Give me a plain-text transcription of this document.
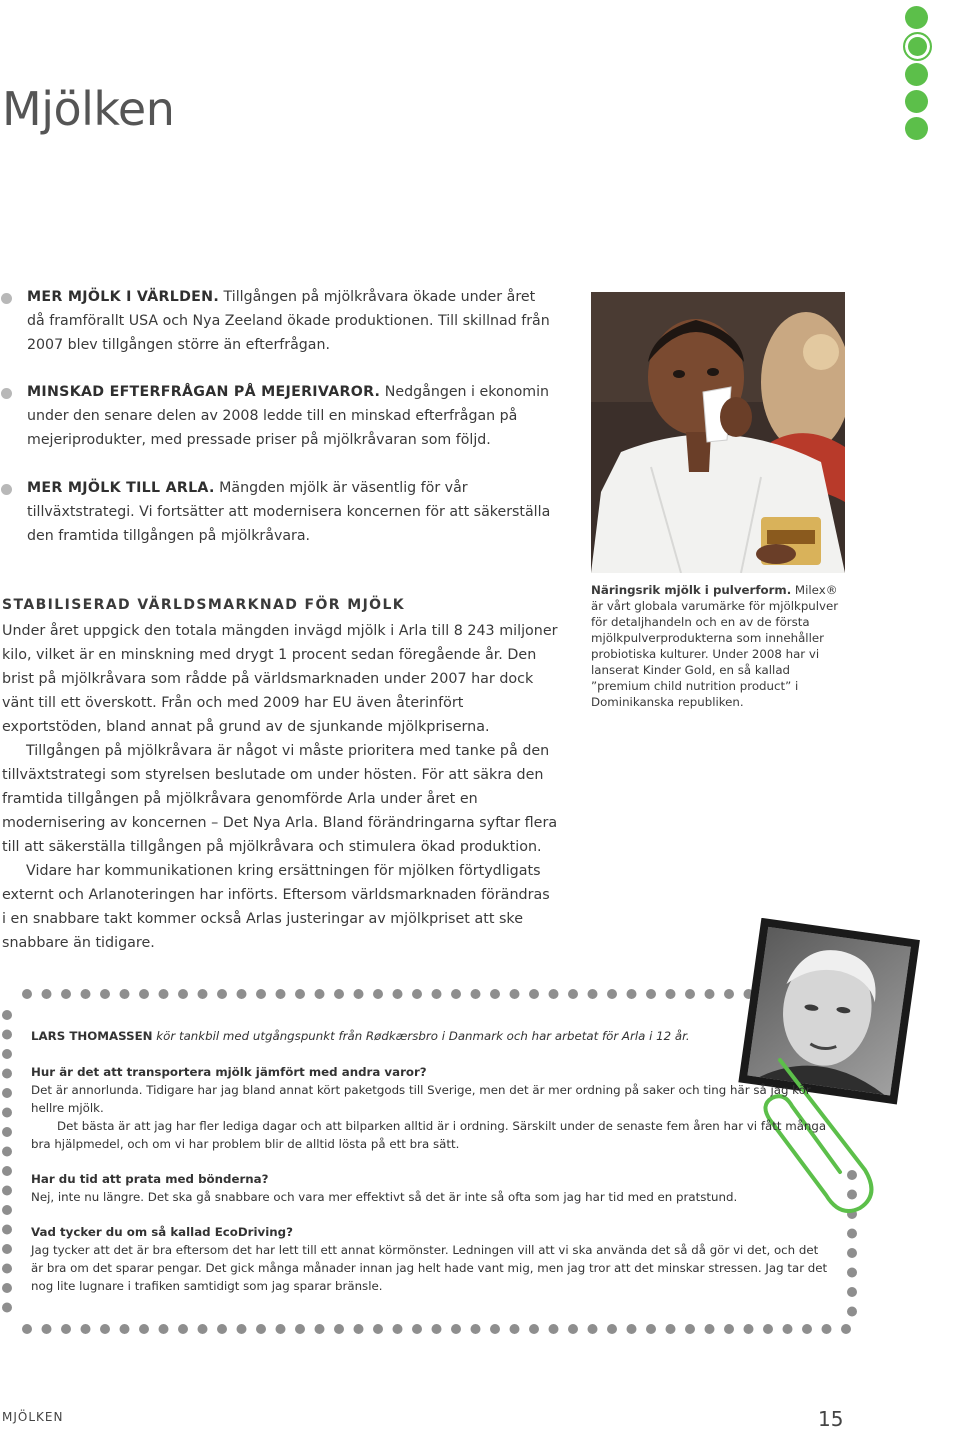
Mjölken
MER MJÖLK I VÄRLDEN. Tillgången på mjölkråvara ökade under året då framförallt USA och Nya Zeeland ökade produktionen. Till skillnad från 2007 blev tillgången större än efterfrågan.
MINSKAD EFTERFRÅGAN PÅ MEJERIVAROR. Nedgången i ekonomin under den senare delen av 2008 ledde till en minskad efterfrågan på mejeriprodukter, med pressade priser på mjölkråvaran som följd.
MER MJÖLK TILL ARLA. Mängden mjölk är väsentlig för vår tillväxtstrategi. Vi fortsätter att modernisera koncernen för att säkerställa den framtida tillgången på mjölkråvara.
STABILISERAD VÄRLDSMARKNAD FÖR MJÖLK

Under året uppgick den totala mängden invägd mjölk i Arla till 8 243 miljoner kilo, vilket är en minskning med drygt 1 procent sedan föregående år. Den brist på mjölkråvara som rådde på världsmarknaden under 2007 har dock vänt till ett överskott. Från och med 2009 har EU även återinfört exportstöden, bland annat på grund av de sjunkande mjölkpriserna.

Tillgången på mjölkråvara är något vi måste prioritera med tanke på den tillväxtstrategi som styrelsen beslutade om under hösten. För att säkra den framtida tillgången på mjölkråvara genomförde Arla under året en modernisering av koncernen – Det Nya Arla. Bland förändringarna syftar flera till att säkerställa tillgången på mjölkråvara och stimulera ökad produktion.

Vidare har kommunikationen kring ersättningen för mjölken förtydligats externt och Arlanoteringen har införts. Eftersom världsmarknaden förändras i en snabbare takt kommer också Arlas justeringar av mjölkpriset att ske snabbare än tidigare.

Näringsrik mjölk i pulverform. Milex® är vårt globala varumärke för mjölkpulver för detaljhandeln och en av de första mjölkpulverprodukterna som innehåller probiotiska kulturer. Under 2008 har vi lanserat Kinder Gold, en så kallad ”premium child nutrition product” i Dominikanska republiken.
LARS THOMASSEN kör tankbil med utgångspunkt från Rødkærsbro i Danmark och har arbetat för Arla i 12 år.
Hur är det att transportera mjölk jämfört med andra varor?

Det är annorlunda. Tidigare har jag bland annat kört paketgods till Sverige, men det är mer ordning på saker och ting här så jag kör hellre mjölk.

Det bästa är att jag har fler lediga dagar och att bilparken alltid är i ordning. Särskilt under de senaste fem åren har vi fått många bra hjälpmedel, och om vi har problem blir de alltid lösta på ett bra sätt.

Har du tid att prata med bönderna?

Nej, inte nu längre. Det ska gå snabbare och vara mer effektivt så det är inte så ofta som jag har tid med en pratstund.

Vad tycker du om så kallad EcoDriving?

Jag tycker att det är bra eftersom det har lett till ett annat körmönster. Ledningen vill att vi ska använda det så då gör vi det, och det är bra om det sparar pengar. Det gick många månader innan jag helt hade vant mig, men jag tror att det minskar stressen. Jag tar det nog lite lugnare i trafiken samtidigt som jag sparar bränsle.

MJÖLKEN	15
